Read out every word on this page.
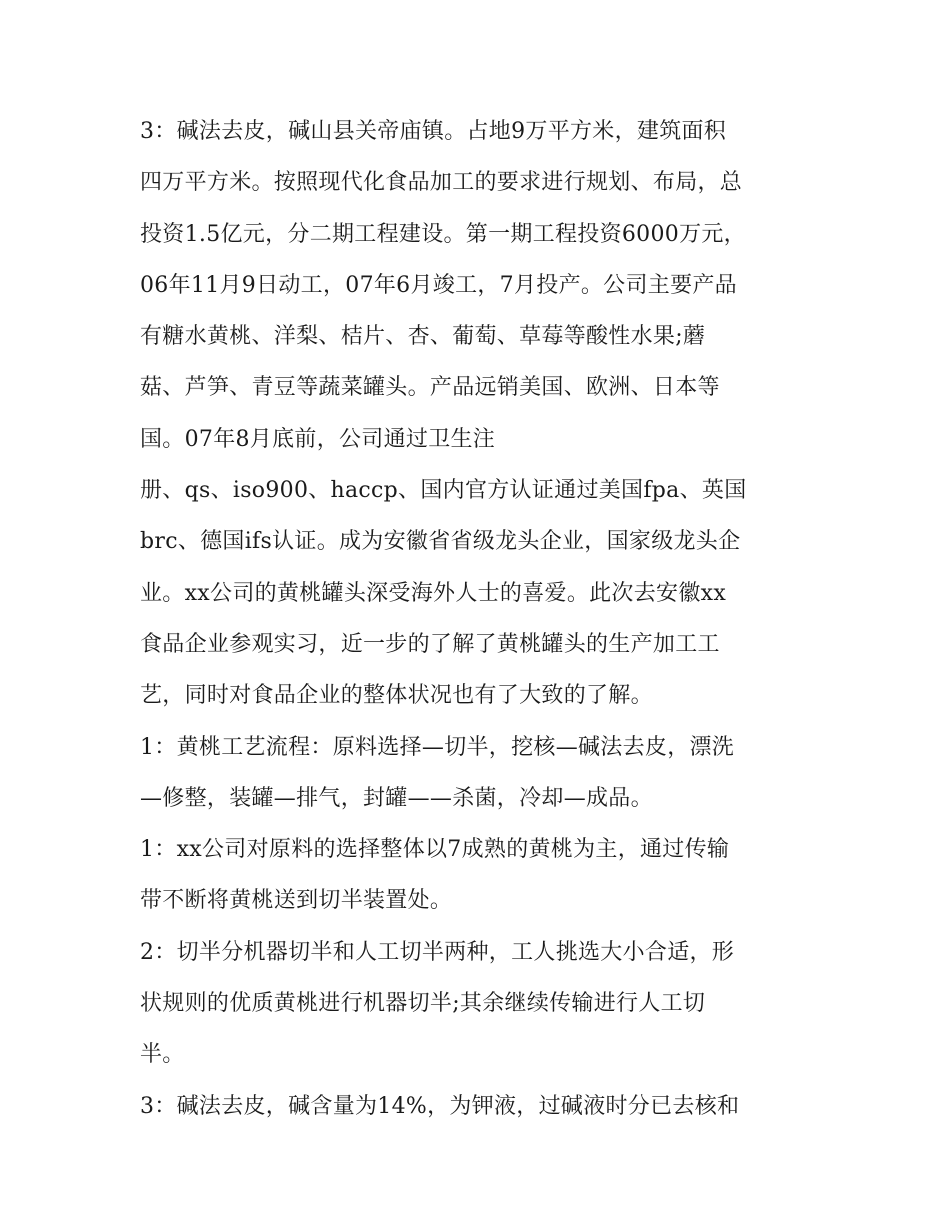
3：碱法去皮，碱山县关帝庙镇。占地9万平方米，建筑面积
四万平方米。按照现代化食品加工的要求进行规划、布局，总
投资1.5亿元，分二期工程建设。第一期工程投资6000万元，
06年11月9日动工，07年6月竣工，7月投产。公司主要产品
有糖水黄桃、洋梨、桔片、杏、葡萄、草莓等酸性水果;蘑
菇、芦笋、青豆等蔬菜罐头。产品远销美国、欧洲、日本等
国。07年8月底前，公司通过卫生注
册、qs、iso900、haccp、国内官方认证通过美国fpa、英国
brc、德国ifs认证。成为安徽省省级龙头企业，国家级龙头企
业。xx公司的黄桃罐头深受海外人士的喜爱。此次去安徽xx
食品企业参观实习，近一步的了解了黄桃罐头的生产加工工
艺，同时对食品企业的整体状况也有了大致的了解。
1：黄桃工艺流程：原料选择—切半，挖核—碱法去皮，漂洗
—修整，装罐—排气，封罐——杀菌，冷却—成品。
1：xx公司对原料的选择整体以7成熟的黄桃为主，通过传输
带不断将黄桃送到切半装置处。
2：切半分机器切半和人工切半两种，工人挑选大小合适，形
状规则的优质黄桃进行机器切半;其余继续传输进行人工切
半。
3：碱法去皮，碱含量为14%，为钾液，过碱液时分已去核和
